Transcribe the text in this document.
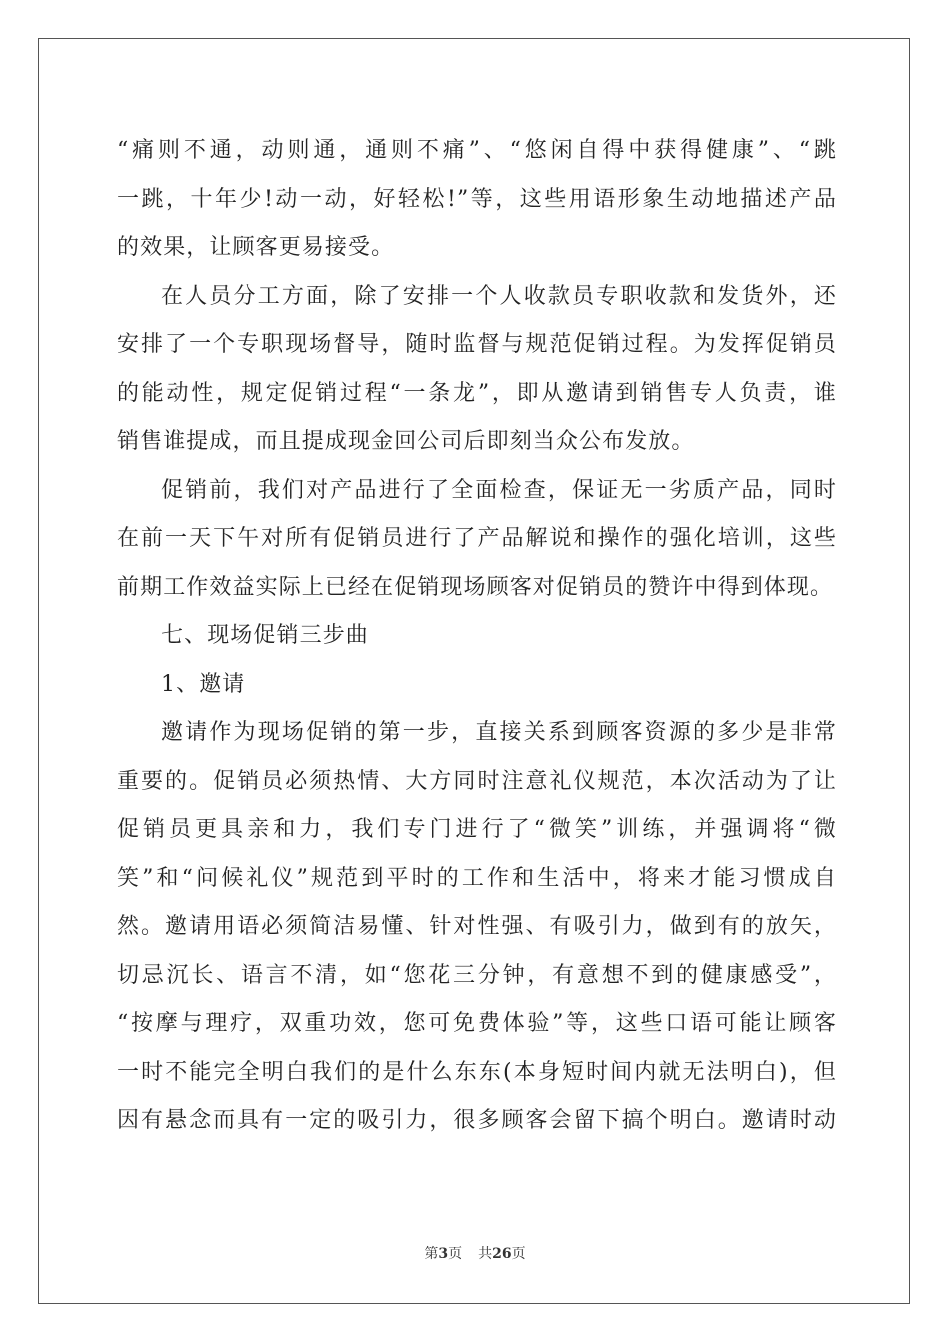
“痛则不通，动则通，通则不痛”、“悠闲自得中获得健康”、“跳
一跳，十年少!动一动，好轻松!”等，这些用语形象生动地描述产品
的效果，让顾客更易接受。
在人员分工方面，除了安排一个人收款员专职收款和发货外，还
安排了一个专职现场督导，随时监督与规范促销过程。为发挥促销员
的能动性，规定促销过程“一条龙”，即从邀请到销售专人负责，谁
销售谁提成，而且提成现金回公司后即刻当众公布发放。
促销前，我们对产品进行了全面检查，保证无一劣质产品，同时
在前一天下午对所有促销员进行了产品解说和操作的强化培训，这些
前期工作效益实际上已经在促销现场顾客对促销员的赞许中得到体现。
七、现场促销三步曲
1、邀请
邀请作为现场促销的第一步，直接关系到顾客资源的多少是非常
重要的。促销员必须热情、大方同时注意礼仪规范，本次活动为了让
促销员更具亲和力，我们专门进行了“微笑”训练，并强调将“微
笑”和“问候礼仪”规范到平时的工作和生活中，将来才能习惯成自
然。邀请用语必须简洁易懂、针对性强、有吸引力，做到有的放矢，
切忌沉长、语言不清，如“您花三分钟，有意想不到的健康感受”，
“按摩与理疗，双重功效，您可免费体验”等，这些口语可能让顾客
一时不能完全明白我们的是什么东东(本身短时间内就无法明白)，但
因有悬念而具有一定的吸引力，很多顾客会留下搞个明白。邀请时动
第3页 共26页
